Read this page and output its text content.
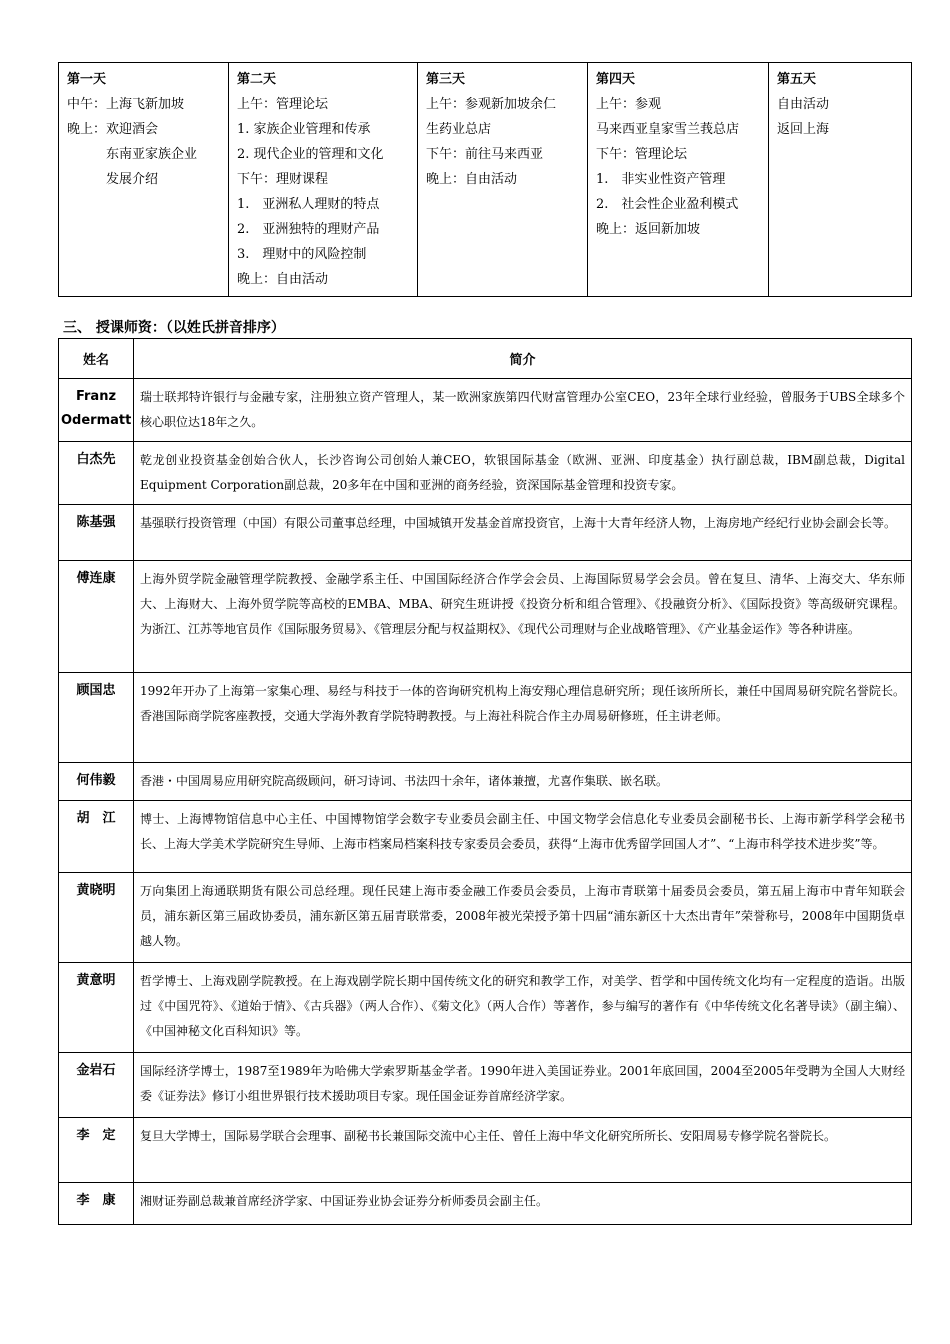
第一天
中午：上海飞新加坡
晚上：欢迎酒会
　　　东南亚家族企业
　　　发展介绍

第二天
上午：管理论坛
1. 家族企业管理和传承
2. 现代企业的管理和文化
下午：理财课程
1.　亚洲私人理财的特点
2.　亚洲独特的理财产品
3.　理财中的风险控制
晚上：自由活动

第三天
上午：参观新加坡余仁
生药业总店
下午：前往马来西亚
晚上：自由活动

第四天
上午：参观
马来西亚皇家雪兰莪总店
下午：管理论坛
1.　非实业性资产管理
2.　社会性企业盈利模式
晚上：返回新加坡

第五天
自由活动
返回上海
三、 授课师资：（以姓氏拼音排序）
姓名	简介
Franz Odermatt	瑞士联邦特许银行与金融专家，注册独立资产管理人，某一欧洲家族第四代财富管理办公室CEO，23年全球行业经验，曾服务于UBS全球多个核心职位达18年之久。
白杰先	乾龙创业投资基金创始合伙人，长沙咨询公司创始人兼CEO，软银国际基金（欧洲、亚洲、印度基金）执行副总裁，IBM副总裁，Digital Equipment Corporation副总裁，20多年在中国和亚洲的商务经验，资深国际基金管理和投资专家。
陈基强	基强联行投资管理（中国）有限公司董事总经理，中国城镇开发基金首席投资官，上海十大青年经济人物，上海房地产经纪行业协会副会长等。
傅连康	上海外贸学院金融管理学院教授、金融学系主任、中国国际经济合作学会会员、上海国际贸易学会会员。曾在复旦、清华、上海交大、华东师大、上海财大、上海外贸学院等高校的EMBA、MBA、研究生班讲授《投资分析和组合管理》、《投融资分析》、《国际投资》等高级研究课程。 为浙江、江苏等地官员作《国际服务贸易》、《管理层分配与权益期权》、《现代公司理财与企业战略管理》、《产业基金运作》等各种讲座。
顾国忠	1992年开办了上海第一家集心理、易经与科技于一体的咨询研究机构上海安翔心理信息研究所；现任该所所长，兼任中国周易研究院名誉院长。香港国际商学院客座教授，交通大学海外教育学院特聘教授。与上海社科院合作主办周易研修班，任主讲老师。
何伟毅	香港・中国周易应用研究院高级顾问，研习诗词、书法四十余年，诸体兼擅，尤喜作集联、嵌名联。
胡　江	博士、上海博物馆信息中心主任、中国博物馆学会数字专业委员会副主任、中国文物学会信息化专业委员会副秘书长、上海市新学科学会秘书长、上海大学美术学院研究生导师、上海市档案局档案科技专家委员会委员，获得“上海市优秀留学回国人才”、“上海市科学技术进步奖”等。
黄晓明	万向集团上海通联期货有限公司总经理。现任民建上海市委金融工作委员会委员，上海市青联第十届委员会委员，第五届上海市中青年知联会员，浦东新区第三届政协委员，浦东新区第五届青联常委，2008年被光荣授予第十四届“浦东新区十大杰出青年”荣誉称号，2008年中国期货卓越人物。
黄意明	哲学博士、上海戏剧学院教授。在上海戏剧学院长期中国传统文化的研究和教学工作，对美学、哲学和中国传统文化均有一定程度的造诣。出版过《中国咒符》、《道始于情》、《古兵器》（两人合作）、《菊文化》（两人合作）等著作，参与编写的著作有《中华传统文化名著导读》（副主编）、《中国神秘文化百科知识》等。
金岩石	国际经济学博士，1987至1989年为哈佛大学索罗斯基金学者。1990年进入美国证券业。2001年底回国，2004至2005年受聘为全国人大财经委《证券法》修订小组世界银行技术援助项目专家。现任国金证券首席经济学家。
李　定	复旦大学博士，国际易学联合会理事、副秘书长兼国际交流中心主任、曾任上海中华文化研究所所长、安阳周易专修学院名誉院长。
李　康	湘财证券副总裁兼首席经济学家、中国证券业协会证券分析师委员会副主任。
